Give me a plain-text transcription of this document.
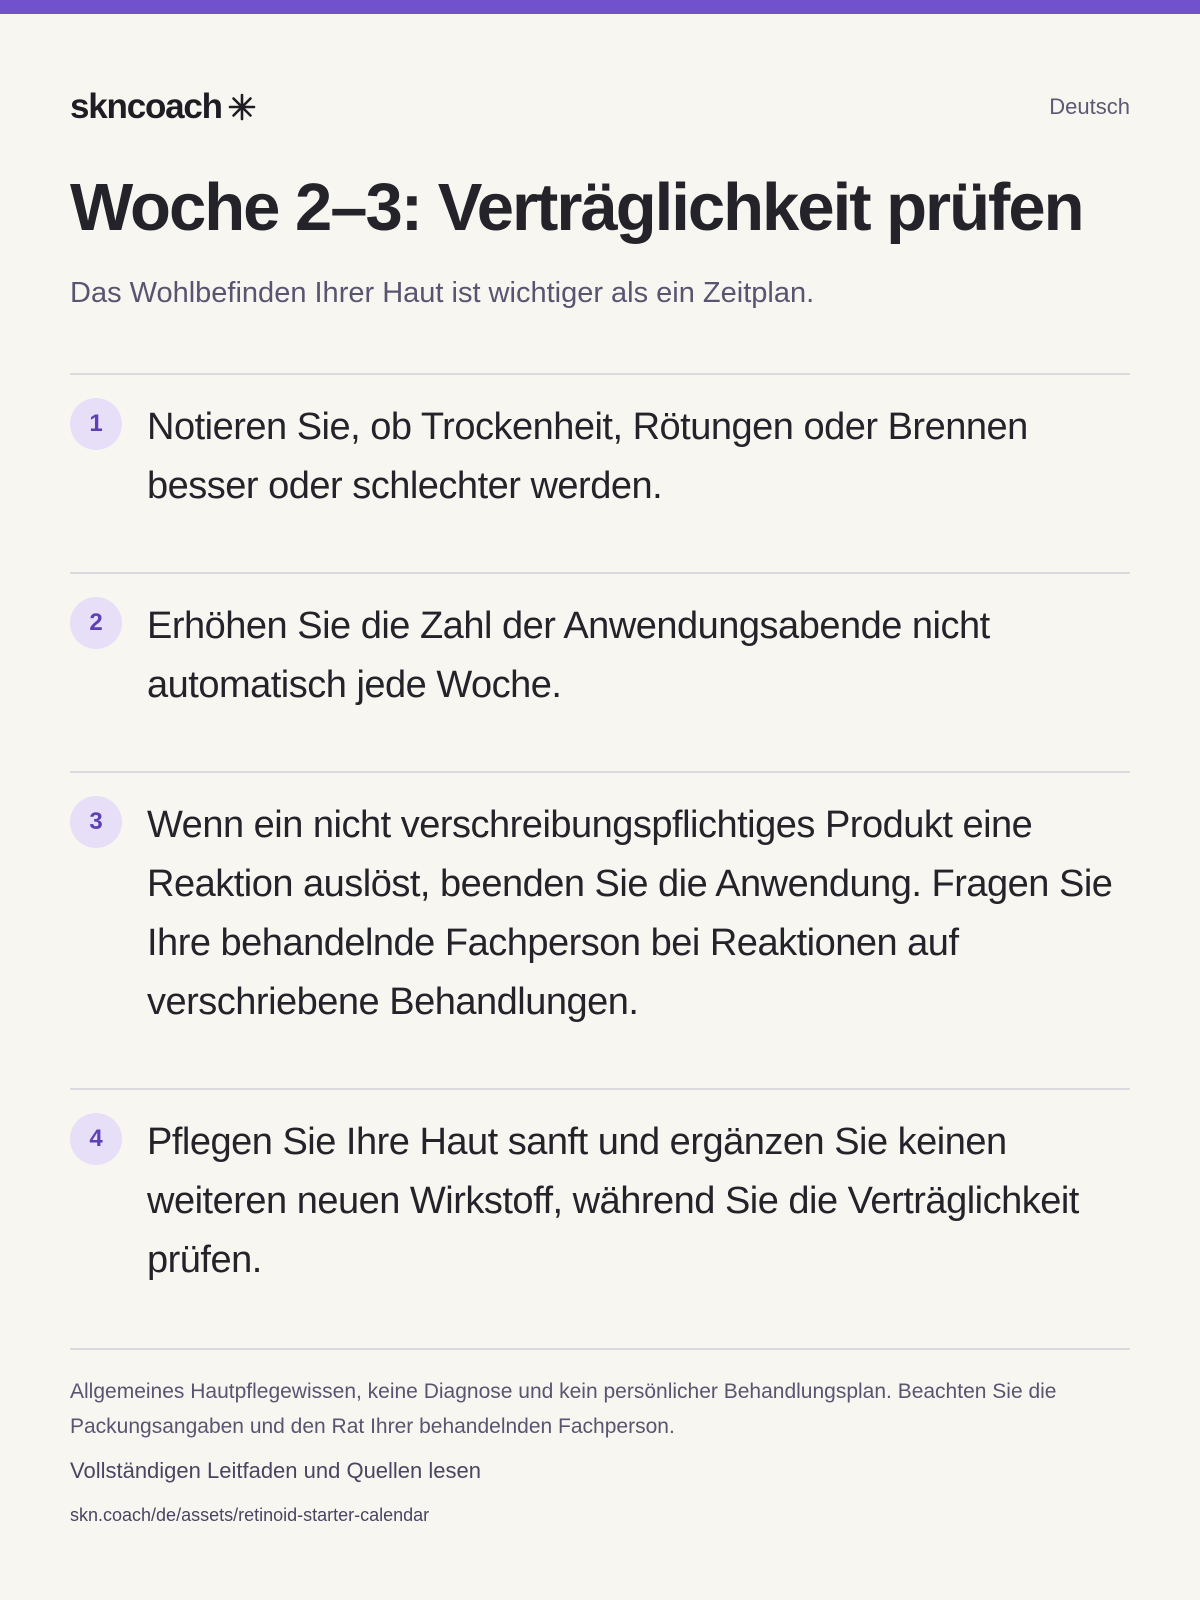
skncoach	Deutsch
Woche 2–3: Verträglichkeit prüfen

Das Wohlbefinden Ihrer Haut ist wichtiger als ein Zeitplan.

1	Notieren Sie, ob Trockenheit, Rötungen oder Brennen besser oder schlechter werden.

2	Erhöhen Sie die Zahl der Anwendungsabende nicht automatisch jede Woche.

3	Wenn ein nicht verschreibungspflichtiges Produkt eine Reaktion auslöst, beenden Sie die Anwendung. Fragen Sie Ihre behandelnde Fachperson bei Reaktionen auf verschriebene Behandlungen.

4	Pflegen Sie Ihre Haut sanft und ergänzen Sie keinen weiteren neuen Wirkstoff, während Sie die Verträglichkeit prüfen.

Allgemeines Hautpflegewissen, keine Diagnose und kein persönlicher Behandlungsplan. Beachten Sie die Packungsangaben und den Rat Ihrer behandelnden Fachperson.

Vollständigen Leitfaden und Quellen lesen

skn.coach/de/assets/retinoid-starter-calendar
